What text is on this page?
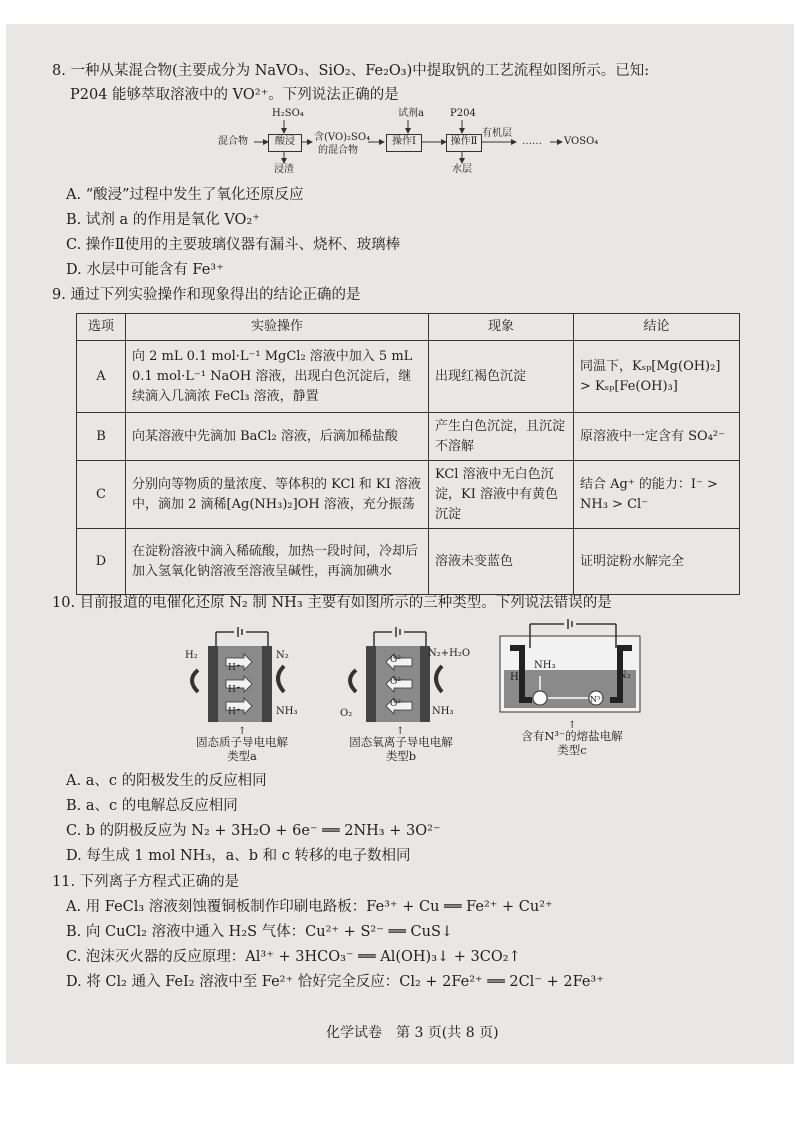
8. 一种从某混合物(主要成分为 NaVO₃、SiO₂、Fe₂O₃)中提取钒的工艺流程如图所示。已知:
P204 能够萃取溶液中的 VO²⁺。下列说法正确的是
混合物
H₂SO₄
酸浸
浸渣
含(VO)₂SO₄
的混合物
试剂a
操作Ⅰ
P204
操作Ⅱ
有机层
…… VOSO₄
水层
A. “酸浸”过程中发生了氧化还原反应
B. 试剂 a 的作用是氧化 VO₂⁺
C. 操作Ⅱ使用的主要玻璃仪器有漏斗、烧杯、玻璃棒
D. 水层中可能含有 Fe³⁺
9. 通过下列实验操作和现象得出的结论正确的是
选项	实验操作	现象	结论
A	向 2 mL 0.1 mol·L⁻¹ MgCl₂ 溶液中加入 5 mL 0.1 mol·L⁻¹ NaOH 溶液，出现白色沉淀后，继续滴入几滴浓 FeCl₃ 溶液，静置	出现红褐色沉淀	同温下，Kₛₚ[Mg(OH)₂] > Kₛₚ[Fe(OH)₃]
B	向某溶液中先滴加 BaCl₂ 溶液，后滴加稀盐酸	产生白色沉淀，且沉淀不溶解	原溶液中一定含有 SO₄²⁻
C	分别向等物质的量浓度、等体积的 KCl 和 KI 溶液中，滴加 2 滴稀[Ag(NH₃)₂]OH 溶液，充分振荡	KCl 溶液中无白色沉淀，KI 溶液中有黄色沉淀	结合 Ag⁺ 的能力：I⁻ > NH₃ > Cl⁻
D	在淀粉溶液中滴入稀硫酸，加热一段时间，冷却后加入氢氧化钠溶液至溶液呈碱性，再滴加碘水	溶液未变蓝色	证明淀粉水解完全
10. 目前报道的电催化还原 N₂ 制 NH₃ 主要有如图所示的三种类型。下列说法错误的是
H₂
H⁺
H⁺
H⁺
N₂
NH₃
↑
固态质子导电电解
类型a
O²⁻
O²⁻
O²⁻
N₂+H₂O
O₂	NH₃
↑
固态氧离子导电电解
类型b
H₂
NH₃
N₂
N³⁻
↑
含有N³⁻的熔盐电解
类型c
A. a、c 的阳极发生的反应相同
B. a、c 的电解总反应相同
C. b 的阴极反应为 N₂ + 3H₂O + 6e⁻ ══ 2NH₃ + 3O²⁻
D. 每生成 1 mol NH₃，a、b 和 c 转移的电子数相同
11. 下列离子方程式正确的是
A. 用 FeCl₃ 溶液刻蚀覆铜板制作印刷电路板：Fe³⁺ + Cu ══ Fe²⁺ + Cu²⁺
B. 向 CuCl₂ 溶液中通入 H₂S 气体：Cu²⁺ + S²⁻ ══ CuS↓
C. 泡沫灭火器的反应原理：Al³⁺ + 3HCO₃⁻ ══ Al(OH)₃↓ + 3CO₂↑
D. 将 Cl₂ 通入 FeI₂ 溶液中至 Fe²⁺ 恰好完全反应：Cl₂ + 2Fe²⁺ ══ 2Cl⁻ + 2Fe³⁺
化学试卷　第 3 页(共 8 页)
